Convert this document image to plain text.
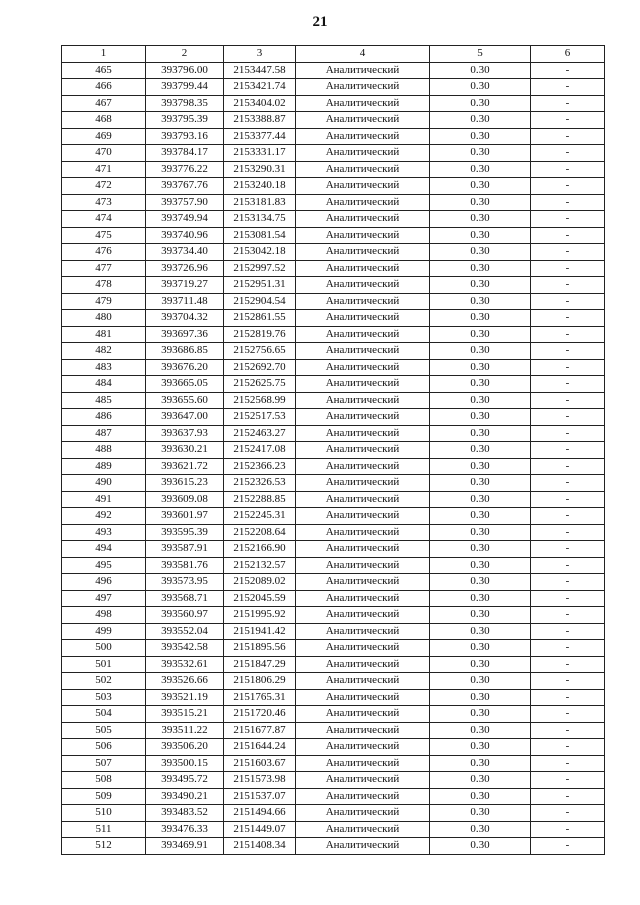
21
1	2	3	4	5	6
465	393796.00	2153447.58	Аналитический	0.30	-
466	393799.44	2153421.74	Аналитический	0.30	-
467	393798.35	2153404.02	Аналитический	0.30	-
468	393795.39	2153388.87	Аналитический	0.30	-
469	393793.16	2153377.44	Аналитический	0.30	-
470	393784.17	2153331.17	Аналитический	0.30	-
471	393776.22	2153290.31	Аналитический	0.30	-
472	393767.76	2153240.18	Аналитический	0.30	-
473	393757.90	2153181.83	Аналитический	0.30	-
474	393749.94	2153134.75	Аналитический	0.30	-
475	393740.96	2153081.54	Аналитический	0.30	-
476	393734.40	2153042.18	Аналитический	0.30	-
477	393726.96	2152997.52	Аналитический	0.30	-
478	393719.27	2152951.31	Аналитический	0.30	-
479	393711.48	2152904.54	Аналитический	0.30	-
480	393704.32	2152861.55	Аналитический	0.30	-
481	393697.36	2152819.76	Аналитический	0.30	-
482	393686.85	2152756.65	Аналитический	0.30	-
483	393676.20	2152692.70	Аналитический	0.30	-
484	393665.05	2152625.75	Аналитический	0.30	-
485	393655.60	2152568.99	Аналитический	0.30	-
486	393647.00	2152517.53	Аналитический	0.30	-
487	393637.93	2152463.27	Аналитический	0.30	-
488	393630.21	2152417.08	Аналитический	0.30	-
489	393621.72	2152366.23	Аналитический	0.30	-
490	393615.23	2152326.53	Аналитический	0.30	-
491	393609.08	2152288.85	Аналитический	0.30	-
492	393601.97	2152245.31	Аналитический	0.30	-
493	393595.39	2152208.64	Аналитический	0.30	-
494	393587.91	2152166.90	Аналитический	0.30	-
495	393581.76	2152132.57	Аналитический	0.30	-
496	393573.95	2152089.02	Аналитический	0.30	-
497	393568.71	2152045.59	Аналитический	0.30	-
498	393560.97	2151995.92	Аналитический	0.30	-
499	393552.04	2151941.42	Аналитический	0.30	-
500	393542.58	2151895.56	Аналитический	0.30	-
501	393532.61	2151847.29	Аналитический	0.30	-
502	393526.66	2151806.29	Аналитический	0.30	-
503	393521.19	2151765.31	Аналитический	0.30	-
504	393515.21	2151720.46	Аналитический	0.30	-
505	393511.22	2151677.87	Аналитический	0.30	-
506	393506.20	2151644.24	Аналитический	0.30	-
507	393500.15	2151603.67	Аналитический	0.30	-
508	393495.72	2151573.98	Аналитический	0.30	-
509	393490.21	2151537.07	Аналитический	0.30	-
510	393483.52	2151494.66	Аналитический	0.30	-
511	393476.33	2151449.07	Аналитический	0.30	-
512	393469.91	2151408.34	Аналитический	0.30	-
